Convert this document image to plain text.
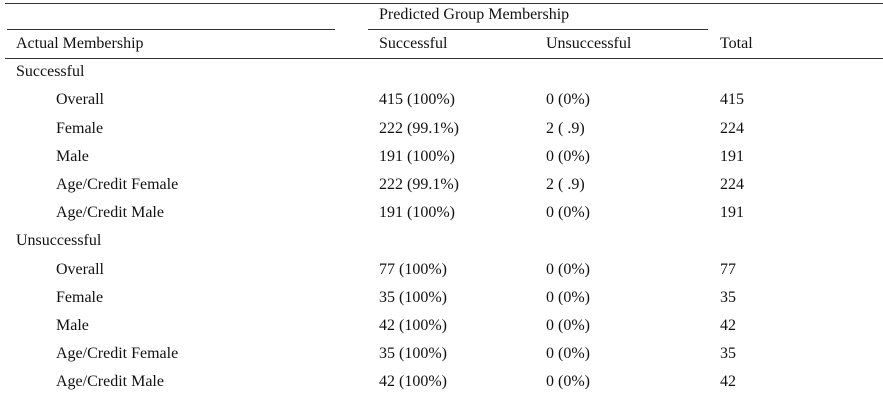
Predicted Group Membership
Actual Membership	Successful	Unsuccessful	Total
Successful
Overall	415 (100%)	0 (0%)	415
Female	222 (99.1%)	2 ( .9)	224
Male	191 (100%)	0 (0%)	191
Age/Credit Female	222 (99.1%)	2 ( .9)	224
Age/Credit Male	191 (100%)	0 (0%)	191
Unsuccessful
Overall	77 (100%)	0 (0%)	77
Female	35 (100%)	0 (0%)	35
Male	42 (100%)	0 (0%)	42
Age/Credit Female	35 (100%)	0 (0%)	35
Age/Credit Male	42 (100%)	0 (0%)	42
